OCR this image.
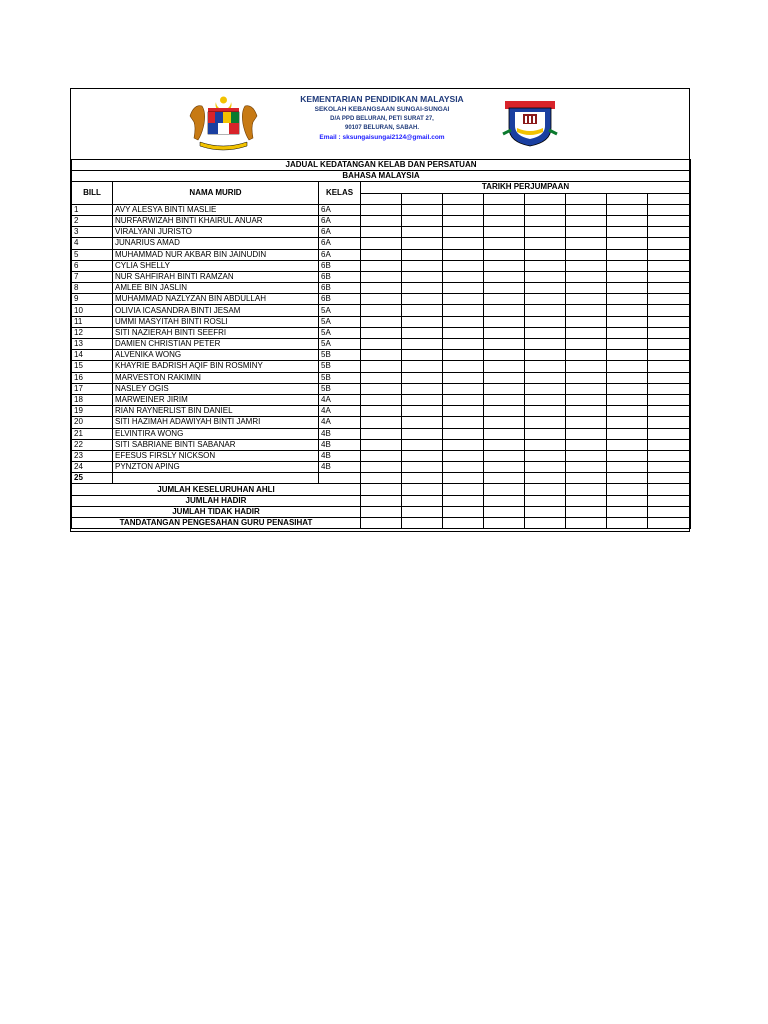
KEMENTARIAN PENDIDIKAN MALAYSIA
SEKOLAH KEBANGSAAN SUNGAI-SUNGAI
D/A PPD BELURAN, PETI SURAT 27,
90107 BELURAN, SABAH.
Email : sksungaisungai2124@gmail.com
JADUAL KEDATANGAN KELAB DAN PERSATUAN										
BAHASA MALAYSIA										
BILL	NAMA MURID	KELAS	TARIKH PERJUMPAAN							

1	AVY ALESYA BINTI MASLIE	6A								
2	NURFARWIZAH BINTI KHAIRUL ANUAR	6A								
3	VIRALYANI JURISTO	6A								
4	JUNARIUS AMAD	6A								
5	MUHAMMAD NUR AKBAR BIN JAINUDIN	6A								
6	CYLIA SHELLY	6B								
7	NUR SAHFIRAH BINTI RAMZAN	6B								
8	AMLEE BIN JASLIN	6B								
9	MUHAMMAD NAZLYZAN BIN ABDULLAH	6B								
10	OLIVIA ICASANDRA BINTI JESAM	5A								
11	UMMI MASYITAH BINTI ROSLI	5A								
12	SITI NAZIERAH BINTI SEEFRI	5A								
13	DAMIEN CHRISTIAN PETER	5A								
14	ALVENIKA WONG	5B								
15	KHAYRIE BADRISH AQIF BIN ROSMINY	5B								
16	MARVESTON RAKIMIN	5B								
17	NASLEY OGIS	5B								
18	MARWEINER JIRIM	4A								
19	RIAN RAYNERLIST BIN DANIEL	4A								
20	SITI HAZIMAH ADAWIYAH BINTI JAMRI	4A								
21	ELVINTIRA WONG	4B								
22	SITI SABRIANE BINTI SABANAR	4B								
23	EFESUS FIRSLY NICKSON	4B								
24	PYNZTON APING	4B								
25										
JUMLAH KESELURUHAN AHLI										
JUMLAH HADIR										
JUMLAH TIDAK HADIR										
TANDATANGAN PENGESAHAN GURU PENASIHAT										
